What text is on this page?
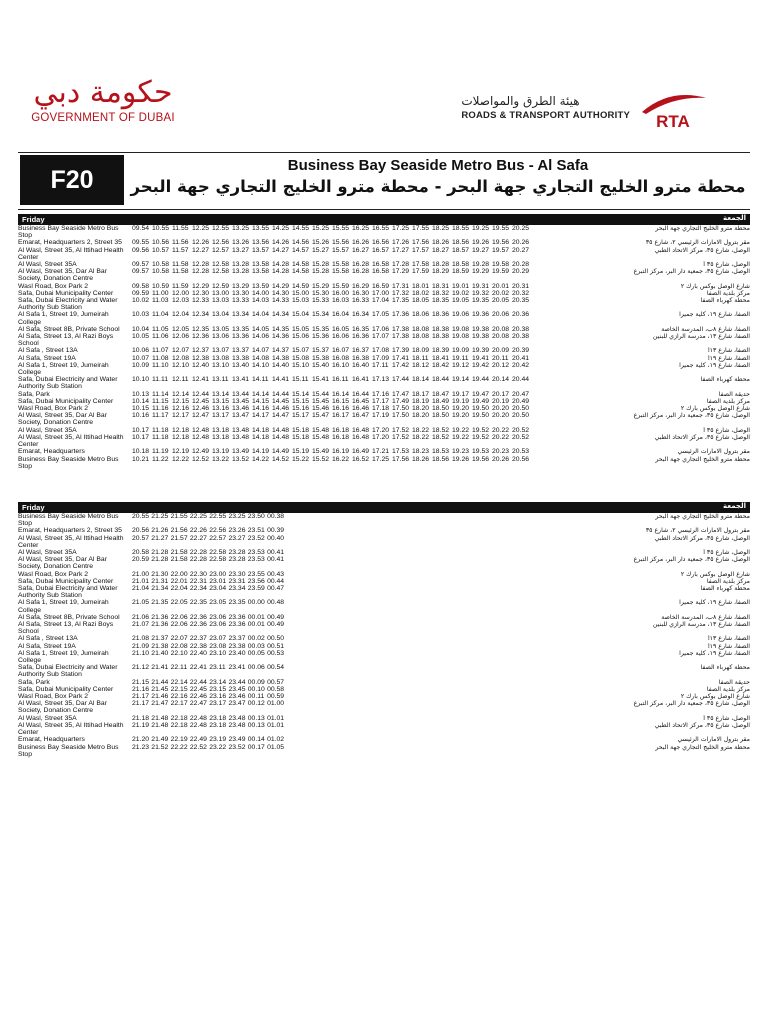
حكومة دبي
GOVERNMENT OF DUBAI
هيئة الطرق والمواصلات
ROADS & TRANSPORT AUTHORITY RTA
F20	Business Bay Seaside Metro Bus - Al Safa
محطة مترو الخليج التجاري جهة البحر - محطة مترو الخليج التجاري جهة البحر
Friday	الجمعة
Business Bay Seaside Metro Bus Stop
09.54 10.55 11.55 12.25 12.55 13.25 13.55 14.25 14.55 15.25 15.55 16.25 16.55 17.25 17.55 18.25 18.55 19.25 19.55 20.25	محطة مترو الخليج التجاري جهة البحر
Emarat, Headquarters 2, Street 35	09.55 10.56 11.56 12.26 12.56 13.26 13.56 14.26 14.56 15.26 15.56 16.26 16.56 17.26 17.56 18.26 18.56 19.26 19.56 20.26	مقر بترول الامارات الرئيسي ٢، شارع ٣٥
Al Wasl, Street 35, Al Ittihad Health Center
09.56 10.57 11.57 12.27 12.57 13.27 13.57 14.27 14.57 15.27 15.57 16.27 16.57 17.27 17.57 18.27 18.57 19.27 19.57 20.27	الوصل، شارع ٣٥، مركز الاتحاد الطبي
Al Wasl, Street 35A	09.57 10.58 11.58 12.28 12.58 13.28 13.58 14.28 14.58 15.28 15.58 16.28 16.58 17.28 17.58 18.28 18.58 19.28 19.58 20.28	الوصل، شارع ٣٥ أ
Al Wasl, Street 35, Dar Al Bar Society, Donation Centre
09.57 10.58 11.58 12.28 12.58 13.28 13.58 14.28 14.58 15.28 15.58 16.28 16.58 17.29 17.59 18.29 18.59 19.29 19.59 20.29	الوصل، شارع ٣٥، جمعية دار البر، مركز التبرع
Wasl Road, Box Park 2	09.58 10.59 11.59 12.29 12.59 13.29 13.59 14.29 14.59 15.29 15.59 16.29 16.59 17.31 18.01 18.31 19.01 19.31 20.01 20.31	شارع الوصل بوكس بارك ٢
Safa, Dubai Municipality Center	09.59 11.00 12.00 12.30 13.00 13.30 14.00 14.30 15.00 15.30 16.00 16.30 17.00 17.32 18.02 18.32 19.02 19.32 20.02 20.32	مركز بلدية الصفا
Safa, Dubai Electricity and Water Authority Sub Station
10.02 11.03 12.03 12.33 13.03 13.33 14.03 14.33 15.03 15.33 16.03 16.33 17.04 17.35 18.05 18.35 19.05 19.35 20.05 20.35	محطة كهرباء الصفا
Al Safa 1, Street 19, Jumeirah College
10.03 11.04 12.04 12.34 13.04 13.34 14.04 14.34 15.04 15.34 16.04 16.34 17.05 17.36 18.06 18.36 19.06 19.36 20.06 20.36	الصفا، شارع ١٩، كلية جميرا
Al Safa, Street 8B, Private School	10.04 11.05 12.05 12.35 13.05 13.35 14.05 14.35 15.05 15.35 16.05 16.35 17.06 17.38 18.08 18.38 19.08 19.38 20.08 20.38	الصفا، شارع ٨ب، المدرسة الخاصة
Al Safa, Street 13, Al Razi Boys School
10.05 11.06 12.06 12.36 13.06 13.36 14.06 14.36 15.06 15.36 16.06 16.36 17.07 17.38 18.08 18.38 19.08 19.38 20.08 20.38	الصفا، شارع ١٣، مدرسة الرازي للبنين
Al Safa , Street 13A	10.06 11.07 12.07 12.37 13.07 13.37 14.07 14.37 15.07 15.37 16.07 16.37 17.08 17.39 18.09 18.39 19.09 19.39 20.09 20.39	الصفا، شارع ١٣أ
Al Safa, Street 19A	10.07 11.08 12.08 12.38 13.08 13.38 14.08 14.38 15.08 15.38 16.08 16.38 17.09 17.41 18.11 18.41 19.11 19.41 20.11 20.41	الصفا، شارع ١٩أ
Al Safa 1, Street 19, Jumeirah College
10.09 11.10 12.10 12.40 13.10 13.40 14.10 14.40 15.10 15.40 16.10 16.40 17.11 17.42 18.12 18.42 19.12 19.42 20.12 20.42	الصفا، شارع ١٩، كلية جميرا
Safa, Dubai Electricity and Water Authority Sub Station
10.10 11.11 12.11 12.41 13.11 13.41 14.11 14.41 15.11 15.41 16.11 16.41 17.13 17.44 18.14 18.44 19.14 19.44 20.14 20.44	محطة كهرباء الصفا
Safa, Park	10.13 11.14 12.14 12.44 13.14 13.44 14.14 14.44 15.14 15.44 16.14 16.44 17.16 17.47 18.17 18.47 19.17 19.47 20.17 20.47	حديقة الصفا
Safa, Dubai Municipality Center	10.14 11.15 12.15 12.45 13.15 13.45 14.15 14.45 15.15 15.45 16.15 16.45 17.17 17.49 18.19 18.49 19.19 19.49 20.19 20.49	مركز بلدية الصفا
Wasl Road, Box Park 2	10.15 11.16 12.16 12.46 13.16 13.46 14.16 14.46 15.16 15.46 16.16 16.46 17.18 17.50 18.20 18.50 19.20 19.50 20.20 20.50	شارع الوصل بوكس بارك ٢
Al Wasl, Street 35, Dar Al Bar Society, Donation Centre
10.16 11.17 12.17 12.47 13.17 13.47 14.17 14.47 15.17 15.47 16.17 16.47 17.19 17.50 18.20 18.50 19.20 19.50 20.20 20.50	الوصل، شارع ٣٥، جمعية دار البر، مركز التبرع
Al Wasl, Street 35A	10.17 11.18 12.18 12.48 13.18 13.48 14.18 14.48 15.18 15.48 16.18 16.48 17.20 17.52 18.22 18.52 19.22 19.52 20.22 20.52	الوصل، شارع ٣٥ أ
Al Wasl, Street 35, Al Ittihad Health Center
10.17 11.18 12.18 12.48 13.18 13.48 14.18 14.48 15.18 15.48 16.18 16.48 17.20 17.52 18.22 18.52 19.22 19.52 20.22 20.52	الوصل، شارع ٣٥، مركز الاتحاد الطبي
Emarat, Headquarters	10.18 11.19 12.19 12.49 13.19 13.49 14.19 14.49 15.19 15.49 16.19 16.49 17.21 17.53 18.23 18.53 19.23 19.53 20.23 20.53	مقر بترول الامارات الرئيسي
Business Bay Seaside Metro Bus Stop
10.21 11.22 12.22 12.52 13.22 13.52 14.22 14.52 15.22 15.52 16.22 16.52 17.25 17.56 18.26 18.56 19.26 19.56 20.26 20.56	محطة مترو الخليج التجاري جهة البحر
Friday	الجمعة
Business Bay Seaside Metro Bus Stop
20.55 21.25 21.55 22.25 22.55 23.25 23.50 00.38	محطة مترو الخليج التجاري جهة البحر
Emarat, Headquarters 2, Street 35	20.56 21.26 21.56 22.26 22.56 23.26 23.51 00.39	مقر بترول الامارات الرئيسي ٢، شارع ٣٥
Al Wasl, Street 35, Al Ittihad Health Center
20.57 21.27 21.57 22.27 22.57 23.27 23.52 00.40	الوصل، شارع ٣٥، مركز الاتحاد الطبي
Al Wasl, Street 35A	20.58 21.28 21.58 22.28 22.58 23.28 23.53 00.41	الوصل، شارع ٣٥ أ
Al Wasl, Street 35, Dar Al Bar Society, Donation Centre
20.59 21.28 21.58 22.28 22.58 23.28 23.53 00.41	الوصل، شارع ٣٥، جمعية دار البر، مركز التبرع
Wasl Road, Box Park 2	21.00 21.30 22.00 22.30 23.00 23.30 23.55 00.43	شارع الوصل بوكس بارك ٢
Safa, Dubai Municipality Center	21.01 21.31 22.01 22.31 23.01 23.31 23.56 00.44	مركز بلدية الصفا
Safa, Dubai Electricity and Water Authority Sub Station
21.04 21.34 22.04 22.34 23.04 23.34 23.59 00.47	محطة كهرباء الصفا
Al Safa 1, Street 19, Jumeirah College
21.05 21.35 22.05 22.35 23.05 23.35 00.00 00.48	الصفا، شارع ١٩، كلية جميرا
Al Safa, Street 8B, Private School	21.06 21.36 22.06 22.36 23.06 23.36 00.01 00.49	الصفا، شارع ٨ب، المدرسة الخاصة
Al Safa, Street 13, Al Razi Boys School
21.07 21.36 22.06 22.36 23.06 23.36 00.01 00.49	الصفا، شارع ١٣، مدرسة الرازي للبنين
Al Safa , Street 13A	21.08 21.37 22.07 22.37 23.07 23.37 00.02 00.50	الصفا، شارع ١٣أ
Al Safa, Street 19A	21.09 21.38 22.08 22.38 23.08 23.38 00.03 00.51	الصفا، شارع ١٩أ
Al Safa 1, Street 19, Jumeirah College
21.10 21.40 22.10 22.40 23.10 23.40 00.05 00.53	الصفا، شارع ١٩، كلية جميرا
Safa, Dubai Electricity and Water Authority Sub Station
21.12 21.41 22.11 22.41 23.11 23.41 00.06 00.54	محطة كهرباء الصفا
Safa, Park	21.15 21.44 22.14 22.44 23.14 23.44 00.09 00.57	حديقة الصفا
Safa, Dubai Municipality Center	21.16 21.45 22.15 22.45 23.15 23.45 00.10 00.58	مركز بلدية الصفا
Wasl Road, Box Park 2	21.17 21.46 22.16 22.46 23.16 23.46 00.11 00.59	شارع الوصل بوكس بارك ٢
Al Wasl, Street 35, Dar Al Bar Society, Donation Centre
21.17 21.47 22.17 22.47 23.17 23.47 00.12 01.00	الوصل، شارع ٣٥، جمعية دار البر، مركز التبرع
Al Wasl, Street 35A	21.18 21.48 22.18 22.48 23.18 23.48 00.13 01.01	الوصل، شارع ٣٥ أ
Al Wasl, Street 35, Al Ittihad Health Center
21.19 21.48 22.18 22.48 23.18 23.48 00.13 01.01	الوصل، شارع ٣٥، مركز الاتحاد الطبي
Emarat, Headquarters	21.20 21.49 22.19 22.49 23.19 23.49 00.14 01.02	مقر بترول الامارات الرئيسي
Business Bay Seaside Metro Bus Stop
21.23 21.52 22.22 22.52 23.22 23.52 00.17 01.05	محطة مترو الخليج التجاري جهة البحر
